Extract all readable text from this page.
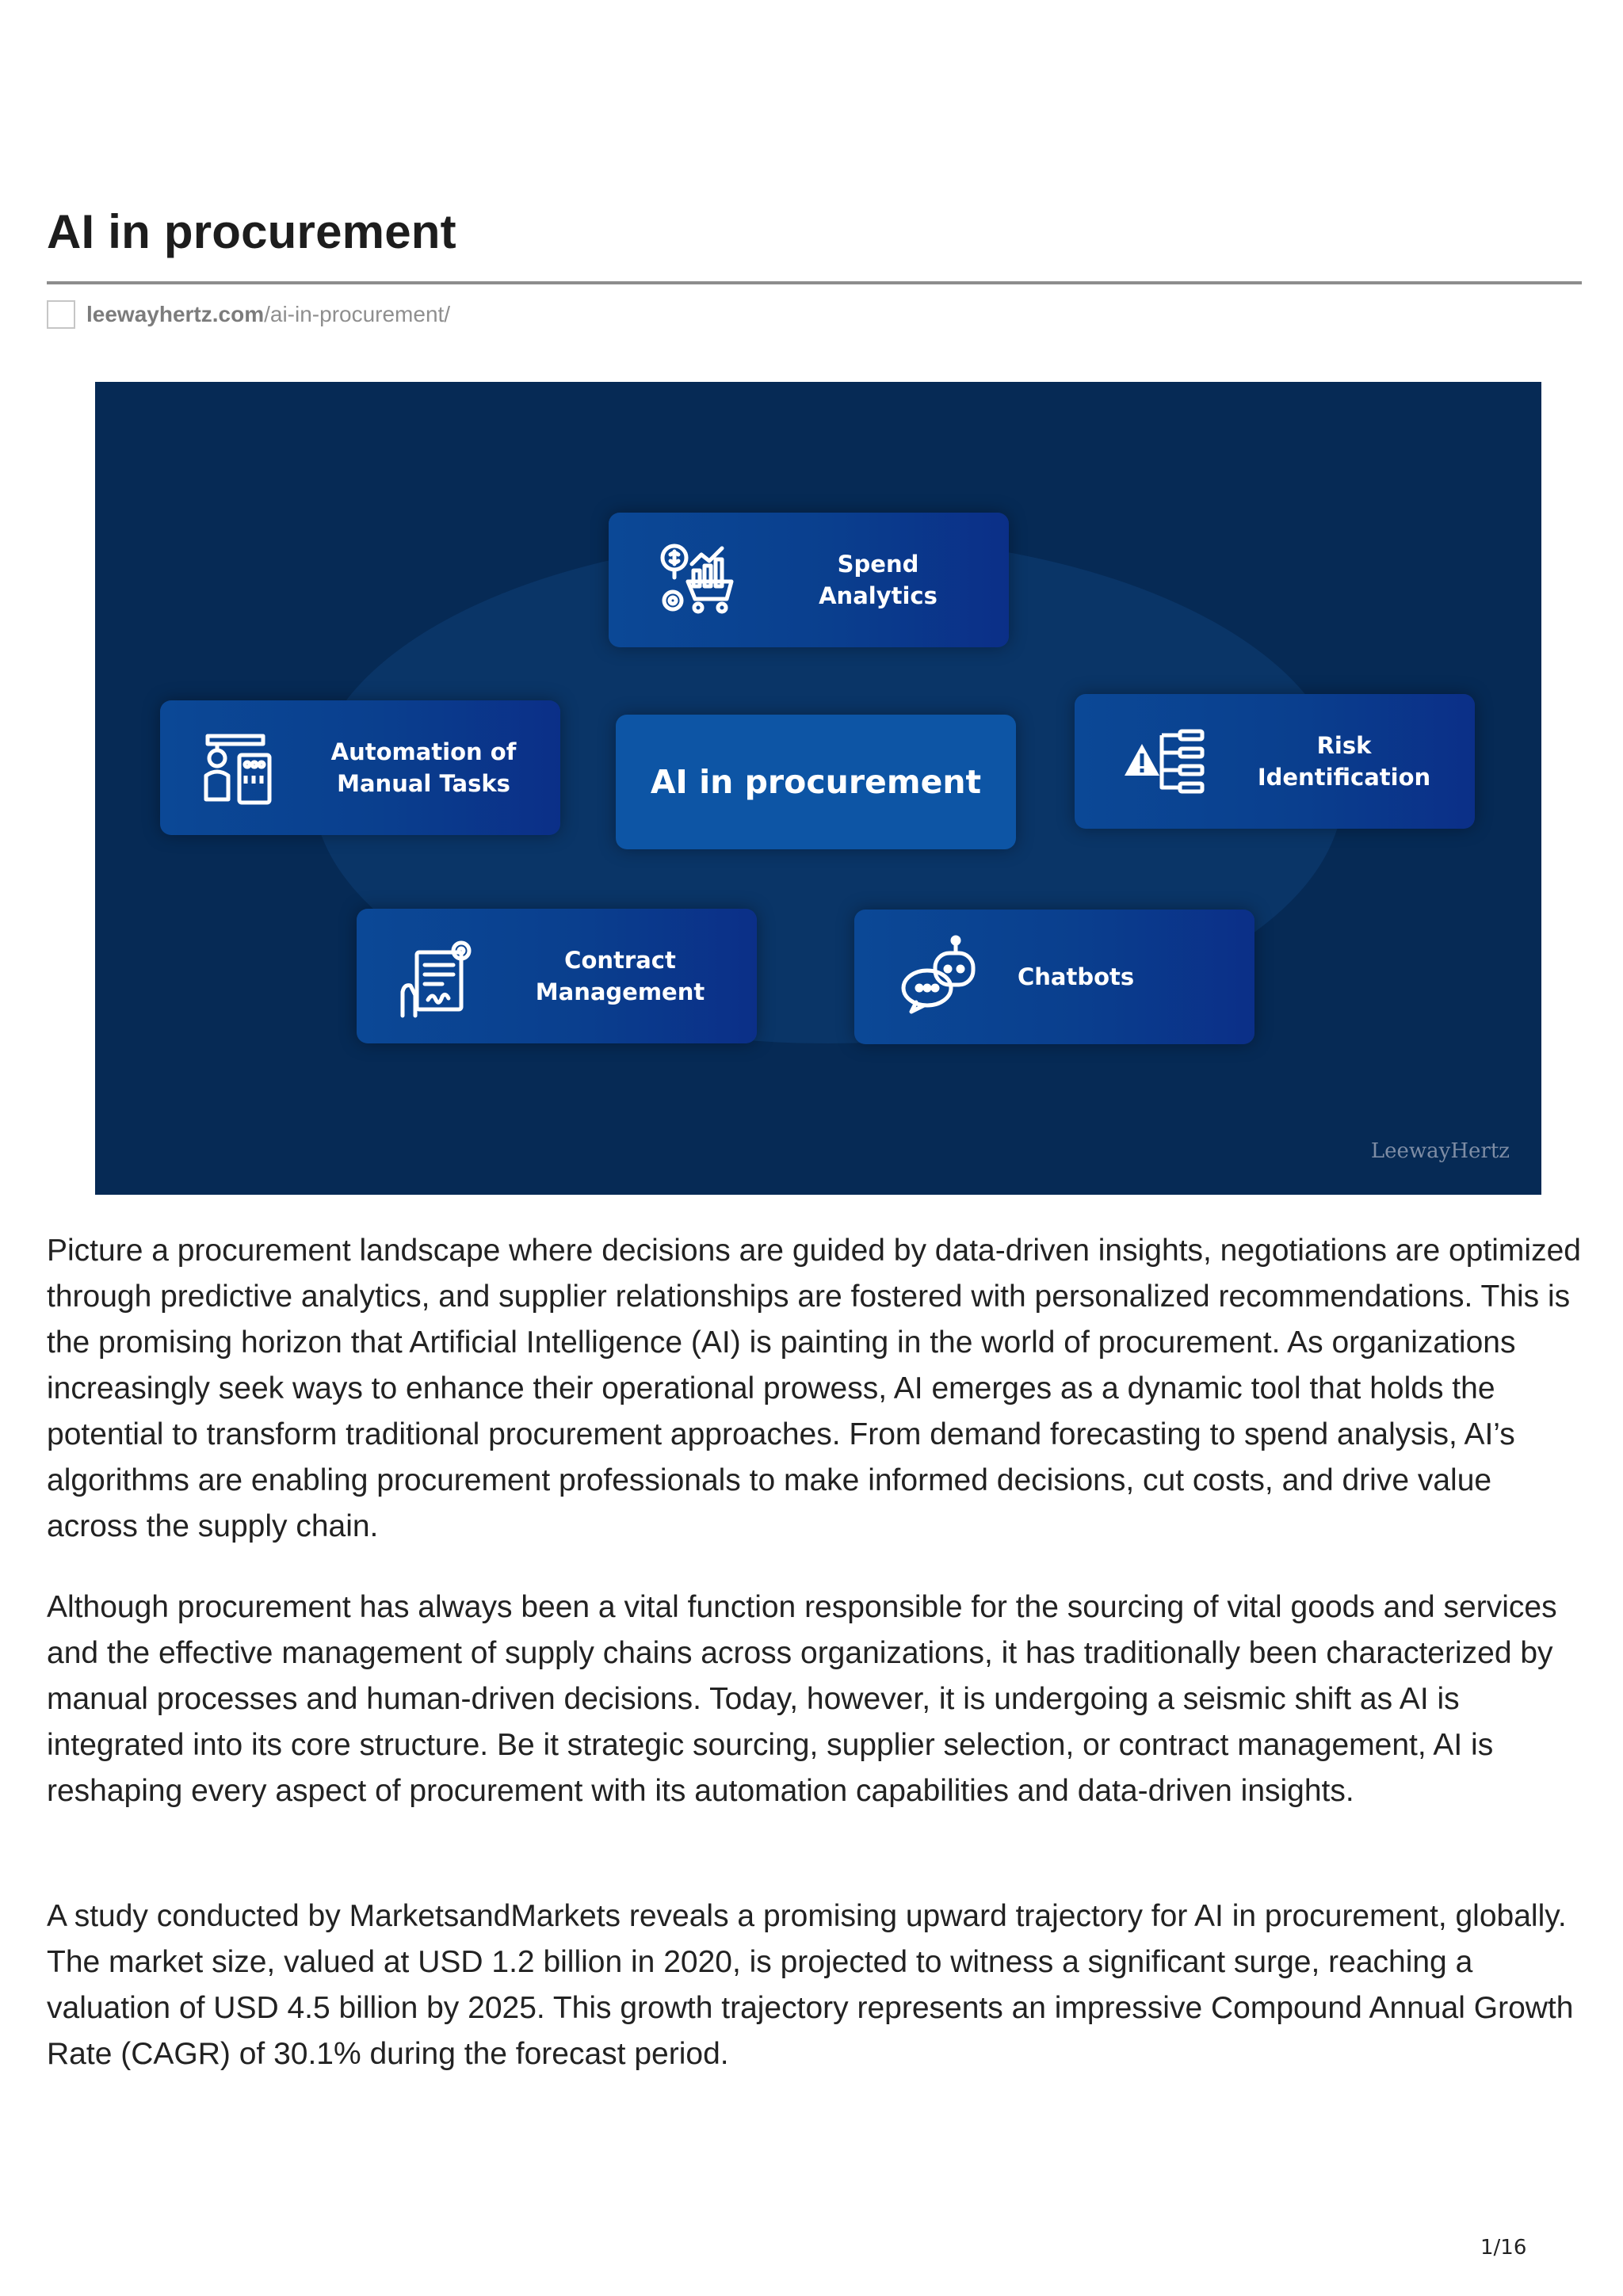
AI in procurement
leewayhertz.com /ai-in-procurement/
Spend
Analytics
Automation of
Manual Tasks	AI in procurement
Risk
Identification
Contract
Management
Chatbots
LeewayHertz

Picture a procurement landscape where decisions are guided by data-driven insights, negotiations are optimized through predictive analytics, and supplier relationships are fostered with personalized recommendations. This is the promising horizon that Artificial Intelligence (AI) is painting in the world of procurement. As organizations increasingly seek ways to enhance their operational prowess, AI emerges as a dynamic tool that holds the potential to transform traditional procurement approaches. From demand forecasting to spend analysis, AI’s algorithms are enabling procurement professionals to make informed decisions, cut costs, and drive value across the supply chain.

Although procurement has always been a vital function responsible for the sourcing of vital goods and services and the effective management of supply chains across organizations, it has traditionally been characterized by manual processes and human-driven decisions. Today, however, it is undergoing a seismic shift as AI is integrated into its core structure. Be it strategic sourcing, supplier selection, or contract management, AI is reshaping every aspect of procurement with its automation capabilities and data-driven insights.

A study conducted by MarketsandMarkets reveals a promising upward trajectory for AI in procurement, globally. The market size, valued at USD 1.2 billion in 2020, is projected to witness a significant surge, reaching a valuation of USD 4.5 billion by 2025. This growth trajectory represents an impressive Compound Annual Growth Rate (CAGR) of 30.1% during the forecast period.

1/16
